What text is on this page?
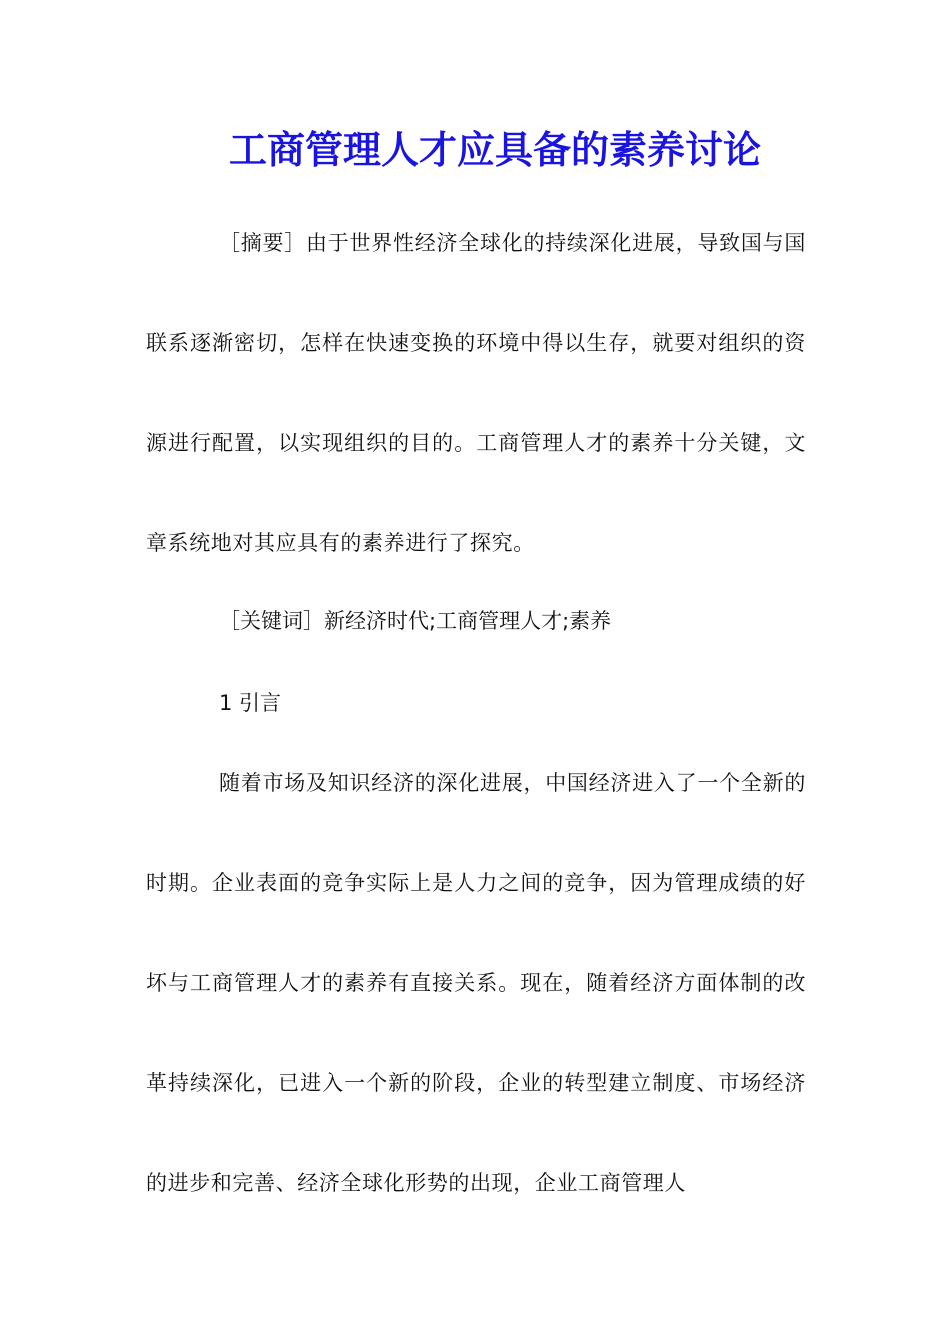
工商管理人才应具备的素养讨论

［摘要］由于世界性经济全球化的持续深化进展，导致国与国联系逐渐密切，怎样在快速变换的环境中得以生存，就要对组织的资源进行配置，以实现组织的目的。工商管理人才的素养十分关键，文章系统地对其应具有的素养进行了探究。

［关键词］新经济时代;工商管理人才;素养

1 引言

随着市场及知识经济的深化进展，中国经济进入了一个全新的时期。企业表面的竞争实际上是人力之间的竞争，因为管理成绩的好坏与工商管理人才的素养有直接关系。现在，随着经济方面体制的改革持续深化，已进入一个新的阶段，企业的转型建立制度、市场经济的进步和完善、经济全球化形势的出现，企业工商管理人
